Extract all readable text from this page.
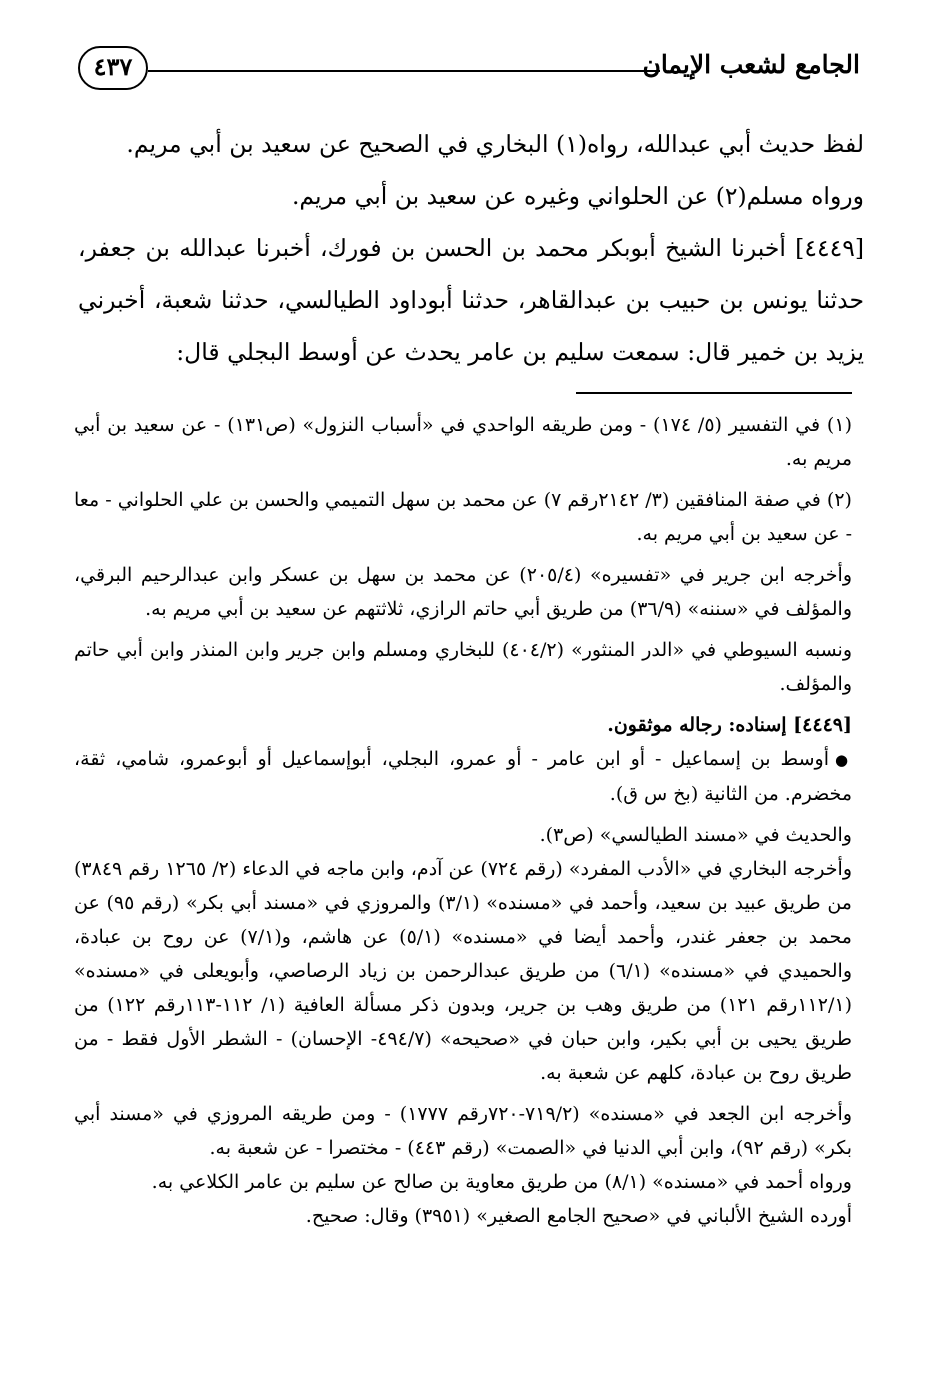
الجامع لشعب الإيمان
٤٣٧

لفظ حديث أبي عبدالله، رواه(١) البخاري في الصحيح عن سعيد بن أبي مريم.

ورواه مسلم(٢) عن الحلواني وغيره عن سعيد بن أبي مريم.

[٤٤٤٩] أخبرنا الشيخ أبوبكر محمد بن الحسن بن فورك، أخبرنا عبدالله بن جعفر، حدثنا يونس بن حبيب بن عبدالقاهر، حدثنا أبوداود الطيالسي، حدثنا شعبة، أخبرني يزيد بن خمير قال: سمعت سليم بن عامر يحدث عن أوسط البجلي قال:

(١) في التفسير (٥/ ١٧٤) - ومن طريقه الواحدي في «أسباب النزول» (ص١٣١) - عن سعيد بن أبي مريم به.

(٢) في صفة المنافقين (٣/ ٢١٤٢رقم ٧) عن محمد بن سهل التميمي والحسن بن علي الحلواني - معا - عن سعيد بن أبي مريم به.

وأخرجه ابن جرير في «تفسيره» (٢٠٥/٤) عن محمد بن سهل بن عسكر وابن عبدالرحيم البرقي، والمؤلف في «سننه» (٣٦/٩) من طريق أبي حاتم الرازي، ثلاثتهم عن سعيد بن أبي مريم به.

ونسبه السيوطي في «الدر المنثور» (٤٠٤/٢) للبخاري ومسلم وابن جرير وابن المنذر وابن أبي حاتم والمؤلف.

[٤٤٤٩] إسناده: رجاله موثقون.

●أوسط بن إسماعيل - أو ابن عامر - أو عمرو، البجلي، أبوإسماعيل أو أبوعمرو، شامي، ثقة، مخضرم. من الثانية (بخ س ق).

والحديث في «مسند الطيالسي» (ص٣).

وأخرجه البخاري في «الأدب المفرد» (رقم ٧٢٤) عن آدم، وابن ماجه في الدعاء (٢/ ١٢٦٥ رقم ٣٨٤٩) من طريق عبيد بن سعيد، وأحمد في «مسنده» (٣/١) والمروزي في «مسند أبي بكر» (رقم ٩٥) عن محمد بن جعفر غندر، وأحمد أيضا في «مسنده» (٥/١) عن هاشم، و(٧/١) عن روح بن عبادة، والحميدي في «مسنده» (٦/١) من طريق عبدالرحمن بن زياد الرصاصي، وأبويعلى في «مسنده» (١١٢/١رقم ١٢١) من طريق وهب بن جرير، وبدون ذكر مسألة العافية (١/ ١١٢-١١٣رقم ١٢٢) من طريق يحيى بن أبي بكير، وابن حبان في «صحيحه» (٤٩٤/٧- الإحسان) - الشطر الأول فقط - من طريق روح بن عبادة، كلهم عن شعبة به.

وأخرجه ابن الجعد في «مسنده» (٧١٩/٢-٧٢٠رقم ١٧٧٧) - ومن طريقه المروزي في «مسند أبي بكر» (رقم ٩٢)، وابن أبي الدنيا في «الصمت» (رقم ٤٤٣) - مختصرا - عن شعبة به.

ورواه أحمد في «مسنده» (٨/١) من طريق معاوية بن صالح عن سليم بن عامر الكلاعي به.

أورده الشيخ الألباني في «صحيح الجامع الصغير» (٣٩٥١) وقال: صحيح.
